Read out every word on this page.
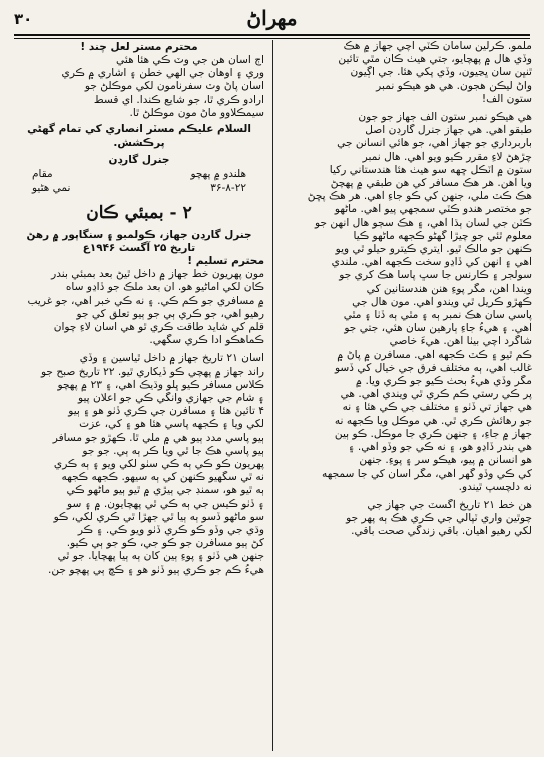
۳۰	مهراڻ
ملمو. ڪرلين سامان ڪٽي اچي جهاز ۾ هڪ
وڏي هال ۾ پهچايو، جتي هيٺ ڪان مٿي تائين
ٿنڀن سان ڀڃيون، وڏي پکي هئا. جي اڳيون
واڻ ليڪن هجون. هي هو هيڪو نمبر
ستون الف!
هي هيڪو نمبر ستون الف جهاز جو جون
طبقو آهي. هي جهاز جنرل گارڊن اصل
باربرداري جو جهاز آهي، جو هائي انسانن جي
چڙهڻ لاءِ مقرر ڪيو ويو آهي. هال نمبر
ستون ۾ اٽڪل ڇهه سو هيٺ هئا هندستاني رکيا
ويا آهن. هر هڪ مسافر کي هن طبقي ۾ پهچڻ
هڪ ڪٽ ملي، جنهن کي ڪو جاءِ آهي. هر هڪ پڇڻ
جو مختصر هندو ڪٽي سمجهي پيو آهي. ماڻهو
ڪٽن جي لسان ٻڌا آهي، ۽ هڪ سڄو هال انهن جو
معلوم ٿئي جو چيڙا گهڻو ڪجهه ماڻهو ڪيا
ڪنهن جو مالڪ ٿيو. ايتري ڪيترو حيلو ٿي ويو
آهي ۽ انهن کي ڏاڍو سخت ڪجهه آهي. ملندي
سولجر ۽ ڪارنس جا سڀ پاسا هڪ کري جو
ويندا آهن، مگر پوءِ هنن هندستانين کي
ڪهڙو ڪريل ٿي ويندو آهي. مون هال جي
پاسي سان هڪ نمبر ٻه ۽ مٿي ٻه ڏٺا ۽ مٿي
آهي. ۽ هيءُ جاءِ ٻارهين سان هئي، جتي جو
شاگرد اچي بيٺا آهن. هيءَ خاصي
ڪم ٿيو ۽ ڪٽ ڪجهه آهي. مسافرن ۾ پاڻ ۾
غالب آهي، ٻه مختلف فرق جي خيال کي ڏسو
مگر وڏي هيءُ بحث ڪيو جو ڪري ويا. ۾
پر ڪي رستي ڪم ڪري ٿي ويندي آهي. هي
هي جهاز تي ڏٺو ۽ مختلف جي ڪي هئا ۽ نه
جو رهائش ڪري ٿي. هي موڪل ويا ڪجهه نه
جهاز ۾ جاءِ، ۽ جنهن ڪري جا موڪل. ڪو ٻين
هي بندر ڏاڍو هو، ۽ نه ڪي جو وڏو آهي. ۽
هو انسانن ۾ پيو، هيڪو سر ۽ پوءِ. جنهن
کي ڪي وڏو گهر آهي، مگر اسان کي جا سمجهه
نه دلچسپ ٿيندو.
هن خط ۲۱ تاريخ آگسٽ جي جهاز جي
چوٿين واري ٽپالي جي ڪري هڪ ٻه پهر جو
لکي رهيو آهيان. باقي زندگي صحت باقي.
محترم مستر لعل چند !
اڄ اسان هن جي وٽ ڪي هئا هئي
وري ۽ اوهان جي الهي خطن ۽ اشاري ۾ ڪري
اسان پاڻ وٽ سفرنامون لکي موڪلڻ جو
ارادو ڪري ٿا، جو شايع ڪندا. اي قسط
سيمڪلاوو ماڻ مون موڪلڻ ٿا.
السلام عليڪم مسٽر انصاري کي تمام گهڻي پرڪشش.
جنرل گارڊن
هلندو ۾ پهچو
مقام
۳۶-۸-۲۲
نمي هڻيو
۲- بمبئي ڪان
جنرل گارڊن جهاز، ڪولمبو ۽ سنگاپور ۾ رهڻ
تاريخ ۲۵ آگسٽ ۱۹۴۶ع
محترم تسليم !
مون پهريون خط جهاز ۾ داخل ٿيڻ بعد بمبئي بندر
ڪان لکي اماڻيو هو. ان بعد ملڪ جو ڏاڍو ساه
۾ مسافري جو ڪم ڪي. ۽ نه ڪي خبر آهي، جو غريب
رهيو آهي، جو ڪري ٻي جو ٻيو تعلق کي جو
قلم کي شايد طاقت ڪري ٿو هي اسان لاءِ چوان
ڪماهڪو ادا ڪري سگهي.
اسان ۲۱ تاريخ جهاز ۾ داخل ٿياسين ۽ وڏي
راند جهاز ۾ پهچي ڪو ڏيکاري ٿيو. ۲۲ تاريخ صبح جو
ڪلاس مسافر ڪيو ڀلو وڌيڪ آهي، ۽ ۲۳ ۾ پهچو
۽ شام جي جهازي وانگي ڪي جو اعلان پيو
۴ تائين هئا ۽ مسافرن جي ڪري ڏٺو هو ۽ ٻيو
لکي ويا ۽ ڪجهه پاسي هئا هو ۽ کي، عزت
ٻيو پاسي مدد ٻيو هي ۾ ملي ٿا. ڪهڙو جو مسافر
ٻيو پاسي هڪ جا ٿي ويا ڪر ٻه ٻي. جو جو
پهريون ڪو ڪي ٻه ڪي سٺو لکي ويو ۽ ٻه ڪري
نه ٿي سگهيو ڪنهن کي ٻه سيهو. ڪجهه ڪجهه
ٻه ٿيو هو، سمنڊ جي ٻيڙي ۾ ٿيو ٻيو ماڻهو ڪي
۽ ڏٺو ڪيس جي ٻه ڪي ٿي پهچايون. ۾ ۽ سو
سو ماڻهو ڏسو ٻه ٻيا ٿي جهڙا ٿي ڪري لکي، ڪو
وڌي جي وڏو ڪو ڪري ڏٺو ويو ڪي. ۽ ڪر
کڻ ٻيو مسافرن جو ڪو جي، ڪو جو ٻي ڪيو.
جنهن هي ڏٺو ۽ پوءِ ٻين کان ٻه ٻيا پهچايا. جو ٿي
هيءُ ڪم جو ڪري ٻيو ڏٺو هو ۽ ڪڇ ٻي پهچو جن.
